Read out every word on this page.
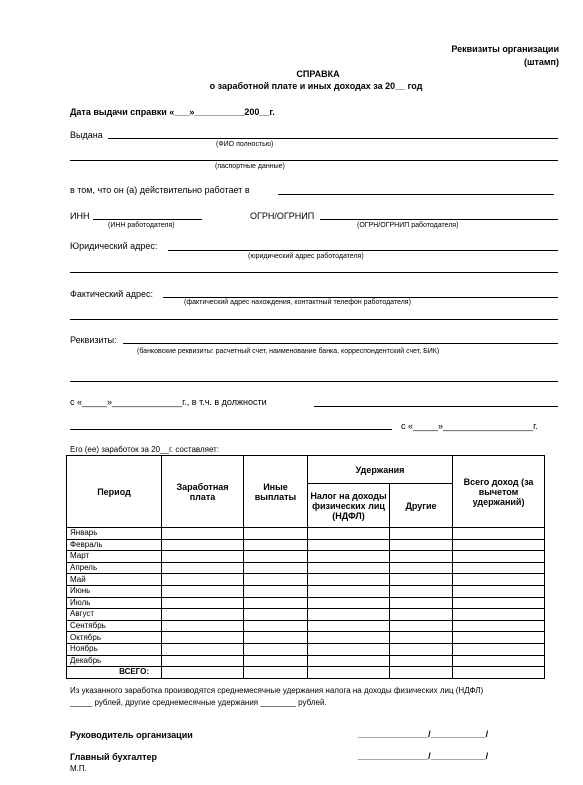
Реквизиты организации
(штамп)
СПРАВКА
о заработной плате и иных доходах за 20__ год
Дата выдачи справки «___»__________200__г.
Выдана
(ФИО полностью)
(паспортные данные)
в том, что он (а) действительно работает в
ИНН
(ИНН работодателя)
ОГРН/ОГРНИП
(ОГРН/ОГРНИП работодателя)
Юридический адрес:
(юридический адрес работодателя)
Фактический адрес:
(фактический адрес нахождения, контактный телефон работодателя)
Реквизиты:
(банковские реквизиты: расчетный счет, наименование банка, корреспондентский счет, БИК)
с «_____»______________г., в т.ч. в должности
с «_____»__________________г.
Его (ее) заработок за 20__г. составляет:
Период	Заработная плата	Иные выплаты	Удержания		Всего доход (за вычетом удержаний)
			Налог на доходы физических лиц (НДФЛ)	Другие	
Январь					
Февраль					
Март					
Апрель					
Май					
Июнь					
Июль					
Август					
Сентябрь					
Октябрь					
Ноябрь					
Декабрь					
ВСЕГО:					
Из указанного заработка производятся среднемесячные удержания налога на доходы физических лиц (НДФЛ)
_____ рублей, другие среднемесячные удержания ________ рублей.
Руководитель организации	______________/___________/
Главный бухгалтер	______________/___________/
М.П.
